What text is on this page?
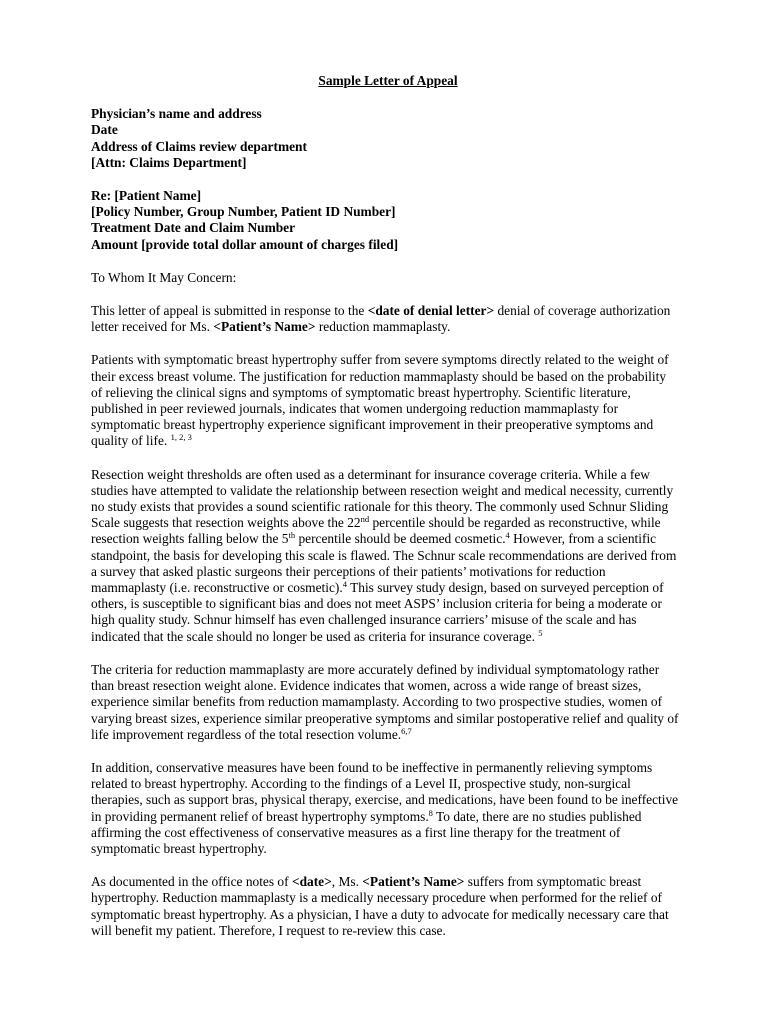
Sample Letter of Appeal
Physician’s name and address
Date
Address of Claims review department
[Attn: Claims Department]
Re: [Patient Name]
[Policy Number, Group Number, Patient ID Number]
Treatment Date and Claim Number
Amount [provide total dollar amount of charges filed]

To Whom It May Concern:

This letter of appeal is submitted in response to the <date of denial letter> denial of coverage authorization letter received for Ms. <Patient’s Name> reduction mammaplasty.

Patients with symptomatic breast hypertrophy suffer from severe symptoms directly related to the weight of their excess breast volume. The justification for reduction mammaplasty should be based on the probability of relieving the clinical signs and symptoms of symptomatic breast hypertrophy. Scientific literature, published in peer reviewed journals, indicates that women undergoing reduction mammaplasty for symptomatic breast hypertrophy experience significant improvement in their preoperative symptoms and quality of life. $^{1, 2, 3}$

Resection weight thresholds are often used as a determinant for insurance coverage criteria. While a few studies have attempted to validate the relationship between resection weight and medical necessity, currently no study exists that provides a sound scientific rationale for this theory. The commonly used Schnur Sliding Scale suggests that resection weights above the 22nd percentile should be regarded as reconstructive, while resection weights falling below the 5th percentile should be deemed cosmetic.$^4$ However, from a scientific standpoint, the basis for developing this scale is flawed. The Schnur scale recommendations are derived from a survey that asked plastic surgeons their perceptions of their patients’ motivations for reduction mammaplasty (i.e. reconstructive or cosmetic).$^4$ This survey study design, based on surveyed perception of others, is susceptible to significant bias and does not meet ASPS’ inclusion criteria for being a moderate or high quality study. Schnur himself has even challenged insurance carriers’ misuse of the scale and has indicated that the scale should no longer be used as criteria for insurance coverage. $^5$

The criteria for reduction mammaplasty are more accurately defined by individual symptomatology rather than breast resection weight alone. Evidence indicates that women, across a wide range of breast sizes, experience similar benefits from reduction mamamplasty. According to two prospective studies, women of varying breast sizes, experience similar preoperative symptoms and similar postoperative relief and quality of life improvement regardless of the total resection volume.$^{6,7}$

In addition, conservative measures have been found to be ineffective in permanently relieving symptoms related to breast hypertrophy. According to the findings of a Level II, prospective study, non-surgical therapies, such as support bras, physical therapy, exercise, and medications, have been found to be ineffective in providing permanent relief of breast hypertrophy symptoms.$^8$ To date, there are no studies published affirming the cost effectiveness of conservative measures as a first line therapy for the treatment of symptomatic breast hypertrophy.

As documented in the office notes of <date>, Ms. <Patient’s Name> suffers from symptomatic breast hypertrophy. Reduction mammaplasty is a medically necessary procedure when performed for the relief of symptomatic breast hypertrophy. As a physician, I have a duty to advocate for medically necessary care that will benefit my patient. Therefore, I request to re-review this case.
